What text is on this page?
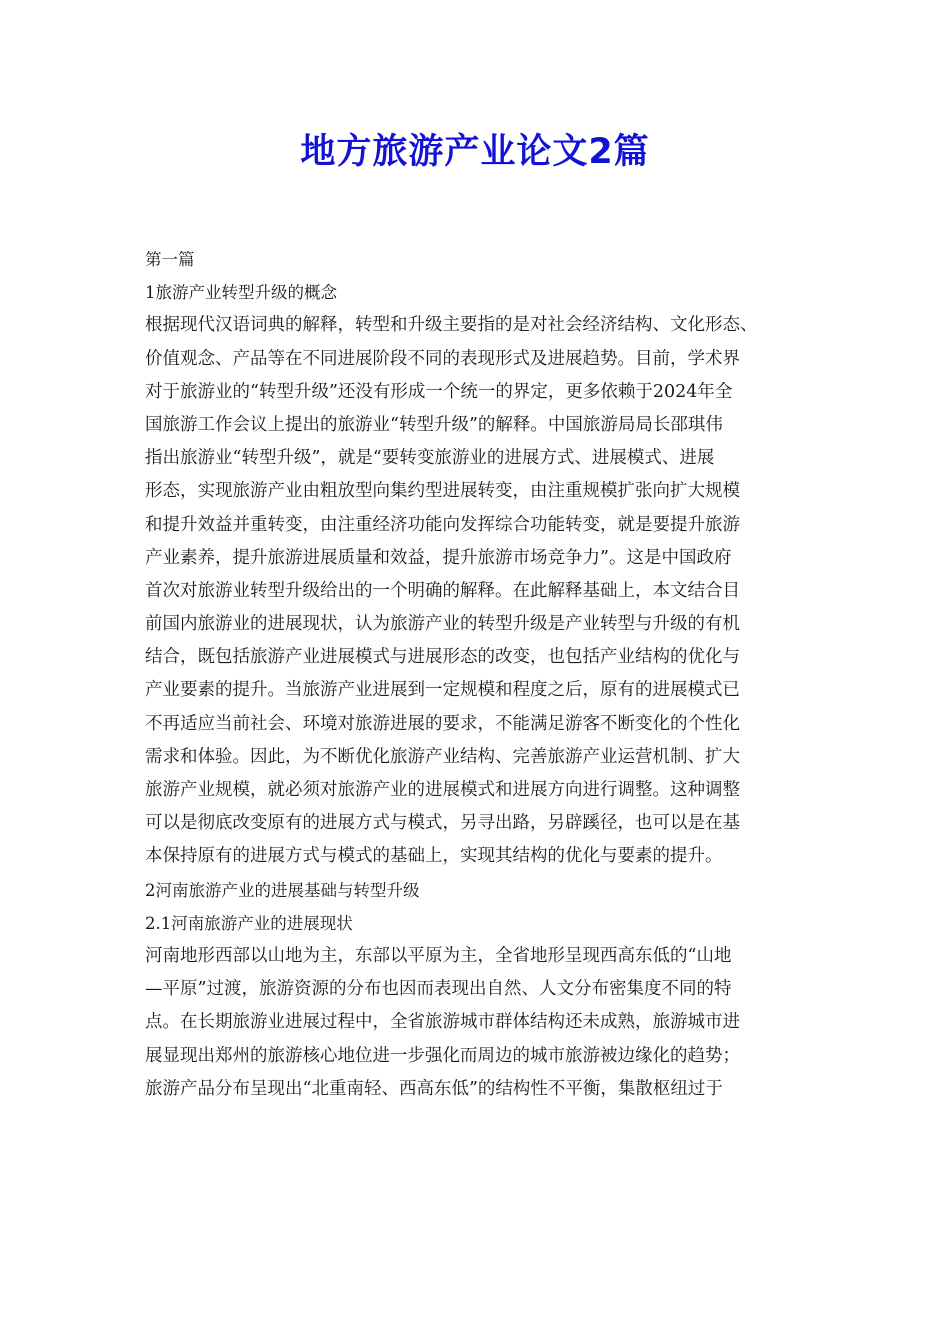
地方旅游产业论文2篇

第一篇

1旅游产业转型升级的概念

根据现代汉语词典的解释，转型和升级主要指的是对社会经济结构、文化形态、

价值观念、产品等在不同进展阶段不同的表现形式及进展趋势。目前，学术界

对于旅游业的“转型升级”还没有形成一个统一的界定，更多依赖于2024年全

国旅游工作会议上提出的旅游业“转型升级”的解释。中国旅游局局长邵琪伟

指出旅游业“转型升级”，就是“要转变旅游业的进展方式、进展模式、进展

形态，实现旅游产业由粗放型向集约型进展转变，由注重规模扩张向扩大规模

和提升效益并重转变，由注重经济功能向发挥综合功能转变，就是要提升旅游

产业素养，提升旅游进展质量和效益，提升旅游市场竞争力”。这是中国政府

首次对旅游业转型升级给出的一个明确的解释。在此解释基础上，本文结合目

前国内旅游业的进展现状，认为旅游产业的转型升级是产业转型与升级的有机

结合，既包括旅游产业进展模式与进展形态的改变，也包括产业结构的优化与

产业要素的提升。当旅游产业进展到一定规模和程度之后，原有的进展模式已

不再适应当前社会、环境对旅游进展的要求，不能满足游客不断变化的个性化

需求和体验。因此，为不断优化旅游产业结构、完善旅游产业运营机制、扩大

旅游产业规模，就必须对旅游产业的进展模式和进展方向进行调整。这种调整

可以是彻底改变原有的进展方式与模式，另寻出路，另辟蹊径，也可以是在基

本保持原有的进展方式与模式的基础上，实现其结构的优化与要素的提升。

2河南旅游产业的进展基础与转型升级

2.1河南旅游产业的进展现状

河南地形西部以山地为主，东部以平原为主，全省地形呈现西高东低的“山地

—平原”过渡，旅游资源的分布也因而表现出自然、人文分布密集度不同的特

点。在长期旅游业进展过程中，全省旅游城市群体结构还未成熟，旅游城市进

展显现出郑州的旅游核心地位进一步强化而周边的城市旅游被边缘化的趋势；

旅游产品分布呈现出“北重南轻、西高东低”的结构性不平衡，集散枢纽过于
